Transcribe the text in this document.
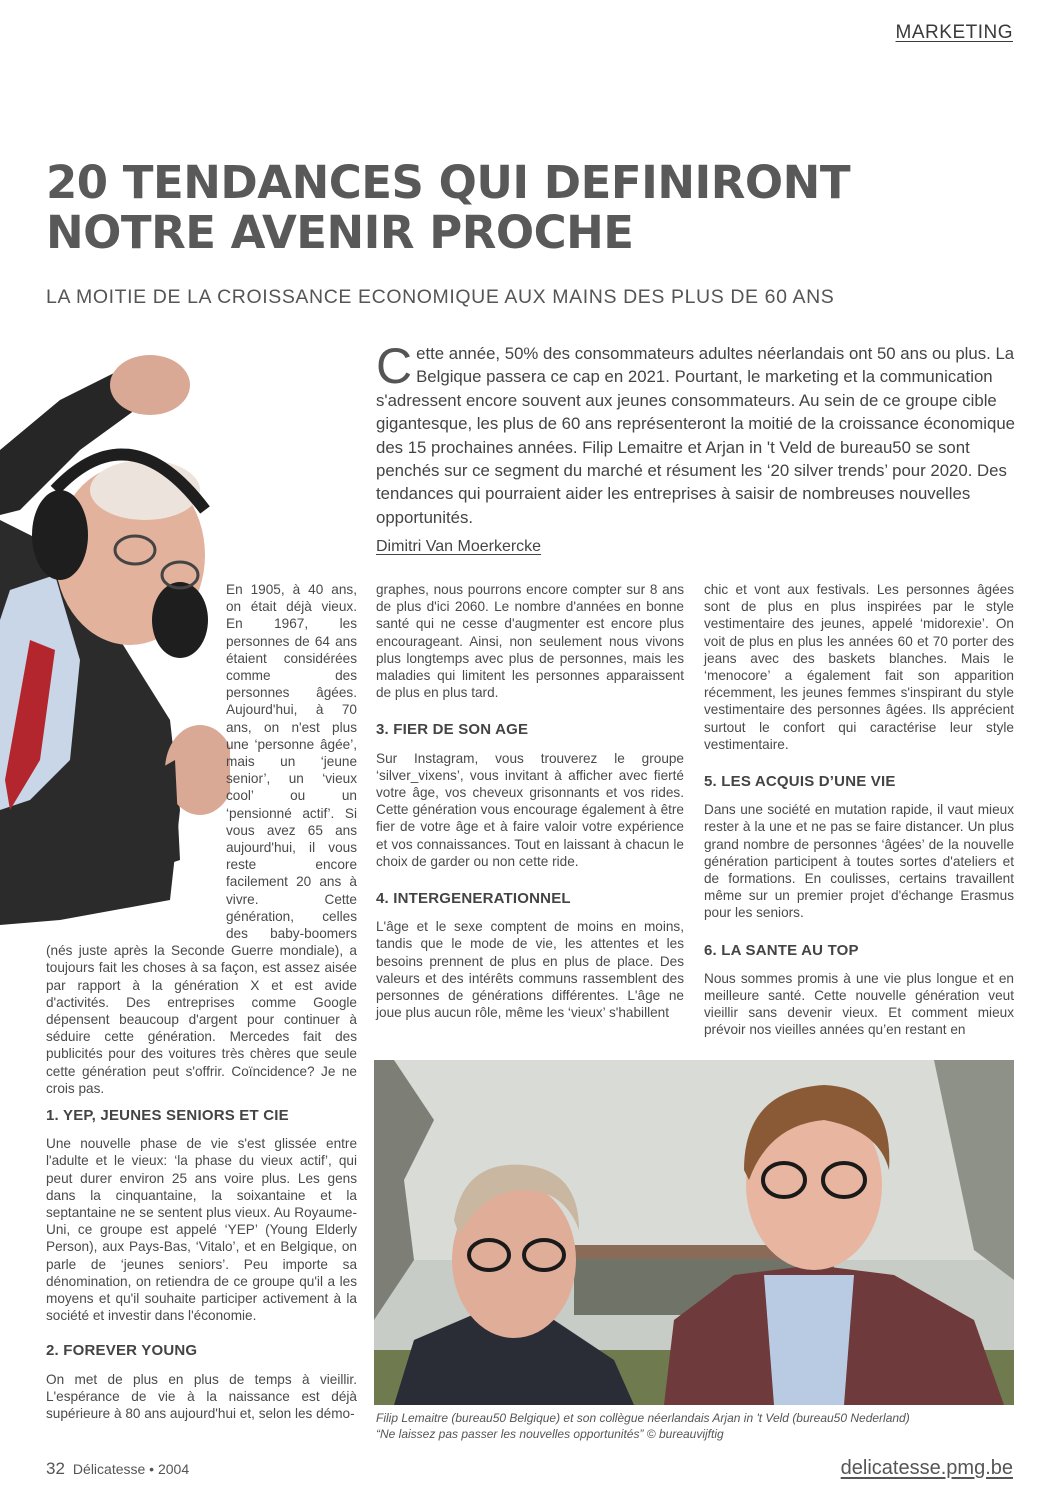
MARKETING
20 TENDANCES QUI DEFINIRONT
NOTRE AVENIR PROCHE
LA MOITIE DE LA CROISSANCE ECONOMIQUE AUX MAINS DES PLUS DE 60 ANS
Cette année, 50% des consommateurs adultes néerlandais ont 50 ans ou plus. La Belgique passera ce cap en 2021. Pourtant, le marketing et la communication s'adressent encore souvent aux jeunes consommateurs. Au sein de ce groupe cible gigantesque, les plus de 60 ans représenteront la moitié de la croissance économique des 15 prochaines années. Filip Lemaitre et Arjan in 't Veld de bureau50 se sont penchés sur ce segment du marché et résument les ‘20 silver trends’ pour 2020. Des tendances qui pourraient aider les entreprises à saisir de nombreuses nouvelles opportunités.
Dimitri Van Moerkercke

En 1905, à 40 ans, on était déjà vieux. En 1967, les personnes de 64 ans étaient considérées comme des personnes âgées. Aujourd'hui, à 70 ans, on n'est plus une ‘personne âgée’, mais un ‘jeune senior’, un ‘vieux cool’ ou un ‘pensionné actif’. Si vous avez 65 ans aujourd'hui, il vous reste encore facilement 20 ans à vivre. Cette génération, celles des baby-boomers (nés juste après la Seconde Guerre mondiale), a toujours fait les choses à sa façon, est assez aisée par rapport à la génération X et est avide d'activités. Des entreprises comme Google dépensent beaucoup d'argent pour continuer à séduire cette génération. Mercedes fait des publicités pour des voitures très chères que seule cette génération peut s'offrir. Coïncidence? Je ne crois pas.

1. YEP, JEUNES SENIORS ET CIE

Une nouvelle phase de vie s'est glissée entre l'adulte et le vieux: ‘la phase du vieux actif’, qui peut durer environ 25 ans voire plus. Les gens dans la cinquantaine, la soixantaine et la septantaine ne se sentent plus vieux. Au Royaume-Uni, ce groupe est appelé ‘YEP’ (Young Elderly Person), aux Pays-Bas, ‘Vitalo’, et en Belgique, on parle de ‘jeunes seniors’. Peu importe sa dénomination, on retiendra de ce groupe qu'il a les moyens et qu'il souhaite participer activement à la société et investir dans l'économie.

2. FOREVER YOUNG

On met de plus en plus de temps à vieillir. L'espérance de vie à la naissance est déjà supérieure à 80 ans aujourd'hui et, selon les démo-

graphes, nous pourrons encore compter sur 8 ans de plus d'ici 2060. Le nombre d'années en bonne santé qui ne cesse d'augmenter est encore plus encourageant. Ainsi, non seulement nous vivons plus longtemps avec plus de personnes, mais les maladies qui limitent les personnes apparaissent de plus en plus tard.

3. FIER DE SON AGE

Sur Instagram, vous trouverez le groupe ‘silver_vixens’, vous invitant à afficher avec fierté votre âge, vos cheveux grisonnants et vos rides. Cette génération vous encourage également à être fier de votre âge et à faire valoir votre expérience et vos connaissances. Tout en laissant à chacun le choix de garder ou non cette ride.

4. INTERGENERATIONNEL

L'âge et le sexe comptent de moins en moins, tandis que le mode de vie, les attentes et les besoins prennent de plus en plus de place. Des valeurs et des intérêts communs rassemblent des personnes de générations différentes. L'âge ne joue plus aucun rôle, même les ‘vieux’ s'habillent

chic et vont aux festivals. Les personnes âgées sont de plus en plus inspirées par le style vestimentaire des jeunes, appelé ‘midorexie’. On voit de plus en plus les années 60 et 70 porter des jeans avec des baskets blanches. Mais le ‘menocore’ a également fait son apparition récemment, les jeunes femmes s'inspirant du style vestimentaire des personnes âgées. Ils apprécient surtout le confort qui caractérise leur style vestimentaire.

5. LES ACQUIS D’UNE VIE

Dans une société en mutation rapide, il vaut mieux rester à la une et ne pas se faire distancer. Un plus grand nombre de personnes ‘âgées’ de la nouvelle génération participent à toutes sortes d'ateliers et de formations. En coulisses, certains travaillent même sur un premier projet d'échange Erasmus pour les seniors.

6. LA SANTE AU TOP

Nous sommes promis à une vie plus longue et en meilleure santé. Cette nouvelle génération veut vieillir sans devenir vieux. Et comment mieux prévoir nos vieilles années qu’en restant en

Filip Lemaitre (bureau50 Belgique) et son collègue néerlandais Arjan in 't Veld (bureau50 Nederland)
“Ne laissez pas passer les nouvelles opportunités” © bureauvijftig
32 Délicatesse • 2004	delicatesse.pmg.be
